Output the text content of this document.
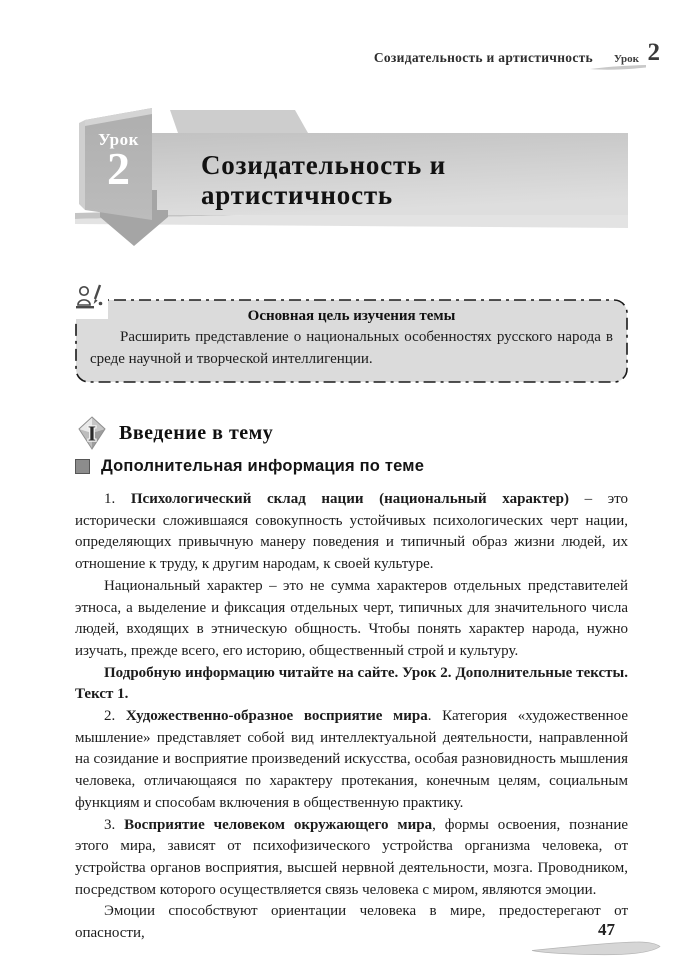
Созидательность и артистичность Урок 2
Урок
2	Созидательность и
артистичность
Основная цель изучения темы
Расширить представление о национальных особенностях русского народа в среде научной и творческой интеллигенции.
I Введение в тему
Дополнительная информация по теме

1. Психологический склад нации (национальный характер) – это исторически сложившаяся совокупность устойчивых психологических черт нации, определяющих привычную манеру поведения и типичный образ жизни людей, их отношение к труду, к другим народам, к своей культуре.

Национальный характер – это не сумма характеров отдельных представителей этноса, а выделение и фиксация отдельных черт, типичных для значительного числа людей, входящих в этническую общность. Чтобы понять характер народа, нужно изучать, прежде всего, его историю, общественный строй и культуру.

Подробную информацию читайте на сайте. Урок 2. Дополнительные тексты. Текст 1.

2. Художественно-образное восприятие мира. Категория «художественное мышление» представляет собой вид интеллектуальной деятельности, направленной на созидание и восприятие произведений искусства, особая разновидность мышления человека, отличающаяся по характеру протекания, конечным целям, социальным функциям и способам включения в общественную практику.

3. Восприятие человеком окружающего мира, формы освоения, познание этого мира, зависят от психофизического устройства организма человека, от устройства органов восприятия, высшей нервной деятельности, мозга. Проводником, посредством которого осуществляется связь человека с миром, являются эмоции.

Эмоции способствуют ориентации человека в мире, предостерегают от опасности,	47
